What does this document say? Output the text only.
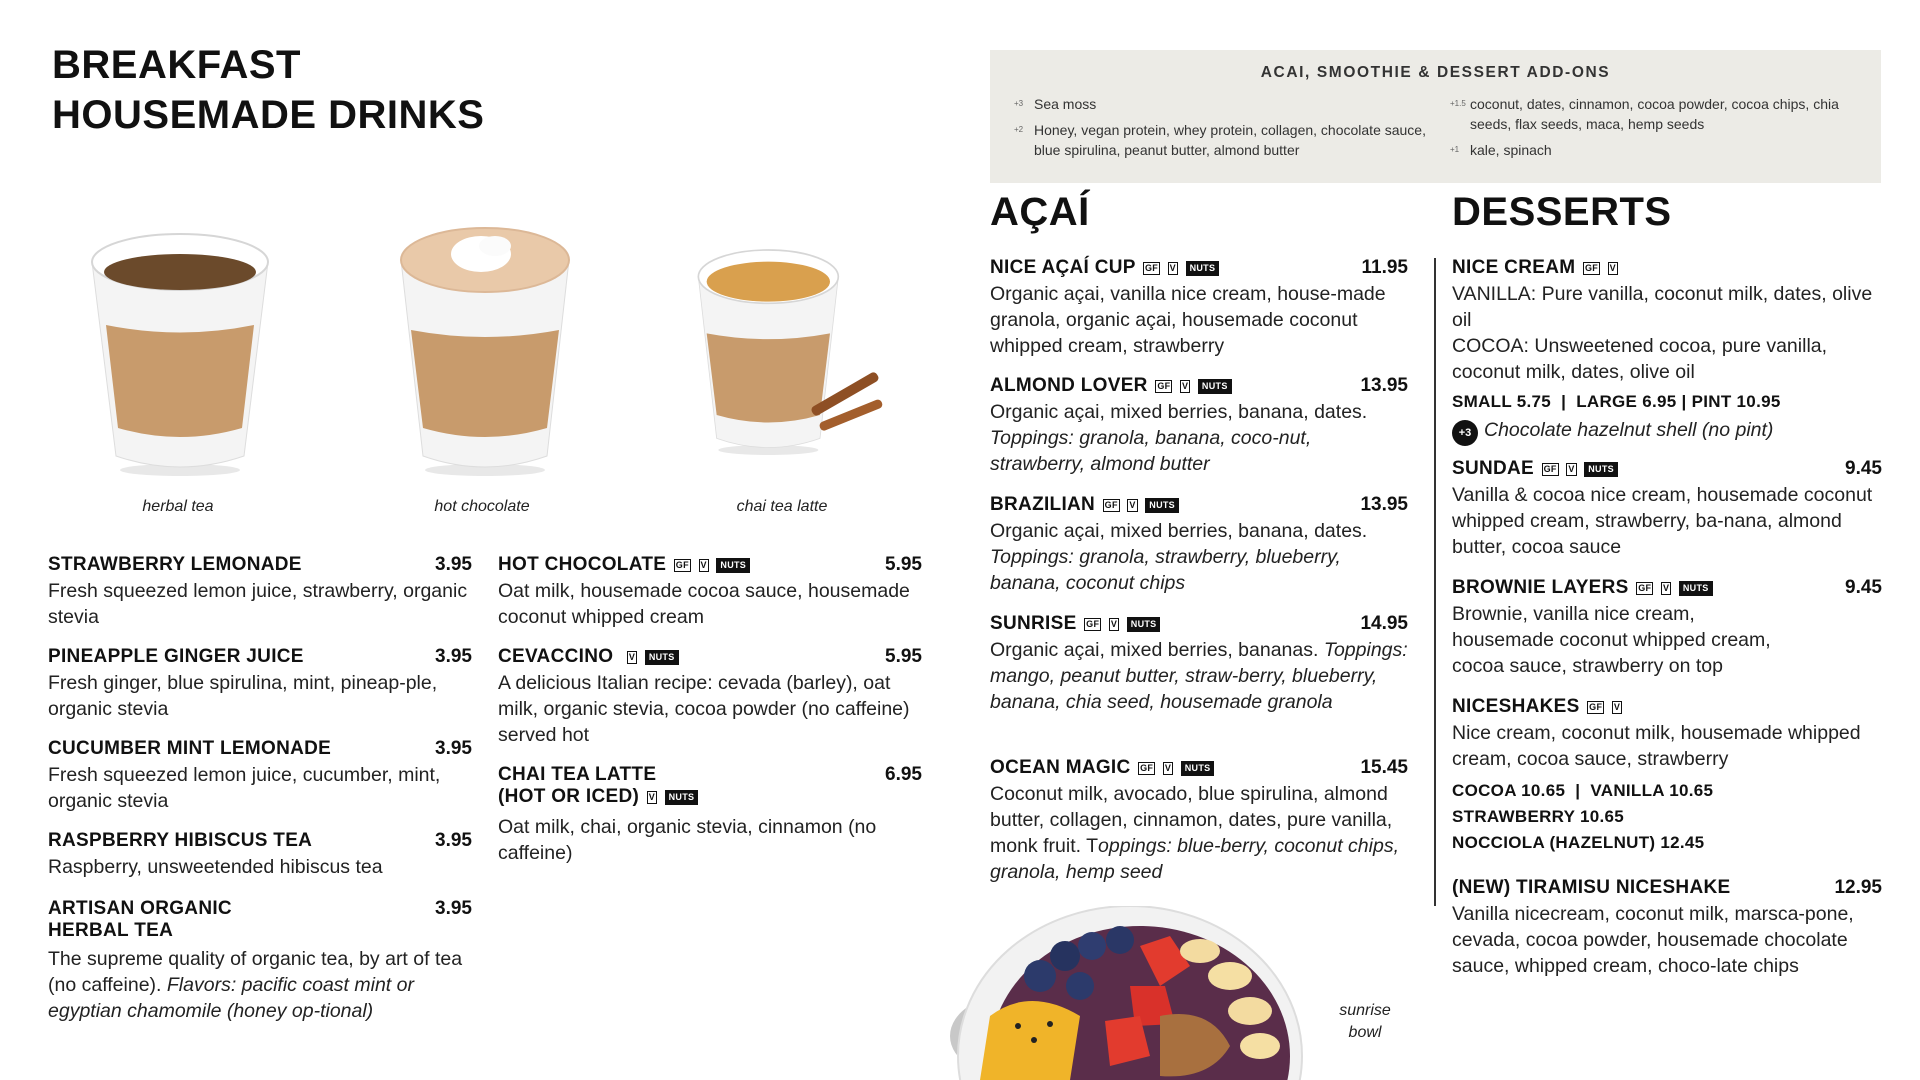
BREAKFAST
HOUSEMADE DRINKS
herbal tea	hot chocolate	chai tea latte
STRAWBERRY LEMONADE	3.95
Fresh squeezed lemon juice, strawberry, organic stevia
PINEAPPLE GINGER JUICE	3.95
Fresh ginger, blue spirulina, mint, pineap-ple, organic stevia
CUCUMBER MINT LEMONADE	3.95
Fresh squeezed lemon juice, cucumber, mint, organic stevia
RASPBERRY HIBISCUS TEA	3.95
Raspberry, unsweetended hibiscus tea
ARTISAN ORGANIC
HERBAL TEA
3.95
The supreme quality of organic tea, by art of tea (no caffeine). Flavors: pacific coast mint or egyptian chamomile (honey op-tional)
HOT CHOCOLATE GF V NUTS	5.95
Oat milk, housemade cocoa sauce, housemade coconut whipped cream
CEVACCINO V NUTS	5.95
A delicious Italian recipe: cevada (barley), oat milk, organic stevia, cocoa powder (no caffeine) served hot
CHAI TEA LATTE
(HOT OR ICED) V NUTS
6.95
Oat milk, chai, organic stevia, cinnamon (no caffeine)
ACAI, SMOOTHIE & DESSERT ADD-ONS
+3 Sea moss
+2 Honey, vegan protein, whey protein, collagen, chocolate sauce, blue spirulina, peanut butter, almond butter
+1.5 coconut, dates, cinnamon, cocoa powder, cocoa chips, chia seeds, flax seeds, maca, hemp seeds
+1 kale, spinach
AÇAÍ
NICE AÇAÍ CUP GF V NUTS	11.95
Organic açai, vanilla nice cream, house-made granola, organic açai, housemade coconut whipped cream, strawberry
ALMOND LOVER GF V NUTS	13.95
Organic açai, mixed berries, banana, dates. Toppings: granola, banana, coco-nut, strawberry, almond butter
BRAZILIAN GF V NUTS	13.95
Organic açai, mixed berries, banana, dates. Toppings: granola, strawberry, blueberry, banana, coconut chips
SUNRISE GF V NUTS	14.95
Organic açai, mixed berries, bananas. Toppings: mango, peanut butter, straw-berry, blueberry, banana, chia seed, housemade granola
OCEAN MAGIC GF V NUTS	15.45
Coconut milk, avocado, blue spirulina, almond butter, collagen, cinnamon, dates, pure vanilla, monk fruit. Toppings: blue-berry, coconut chips, granola, hemp seed
sunrise
bowl
DESSERTS
NICE CREAM GF V
VANILLA: Pure vanilla, coconut milk, dates, olive oil
COCOA: Unsweetened cocoa, pure vanilla, coconut milk, dates, olive oil
SMALL 5.75  |  LARGE 6.95 | PINT 10.95
+3 Chocolate hazelnut shell (no pint)
SUNDAE GF V NUTS	9.45
Vanilla & cocoa nice cream, housemade coconut whipped cream, strawberry, ba-nana, almond butter, cocoa sauce
BROWNIE LAYERS GF V NUTS	9.45
Brownie, vanilla nice cream, housemade coconut whipped cream, cocoa sauce, strawberry on top
NICESHAKES GF V
Nice cream, coconut milk, housemade whipped cream, cocoa sauce, strawberry
COCOA 10.65  |  VANILLA 10.65
STRAWBERRY 10.65
NOCCIOLA (HAZELNUT) 12.45
(NEW) TIRAMISU NICESHAKE	12.95
Vanilla nicecream, coconut milk, marsca-pone, cevada, cocoa powder, housemade chocolate sauce, whipped cream, choco-late chips
